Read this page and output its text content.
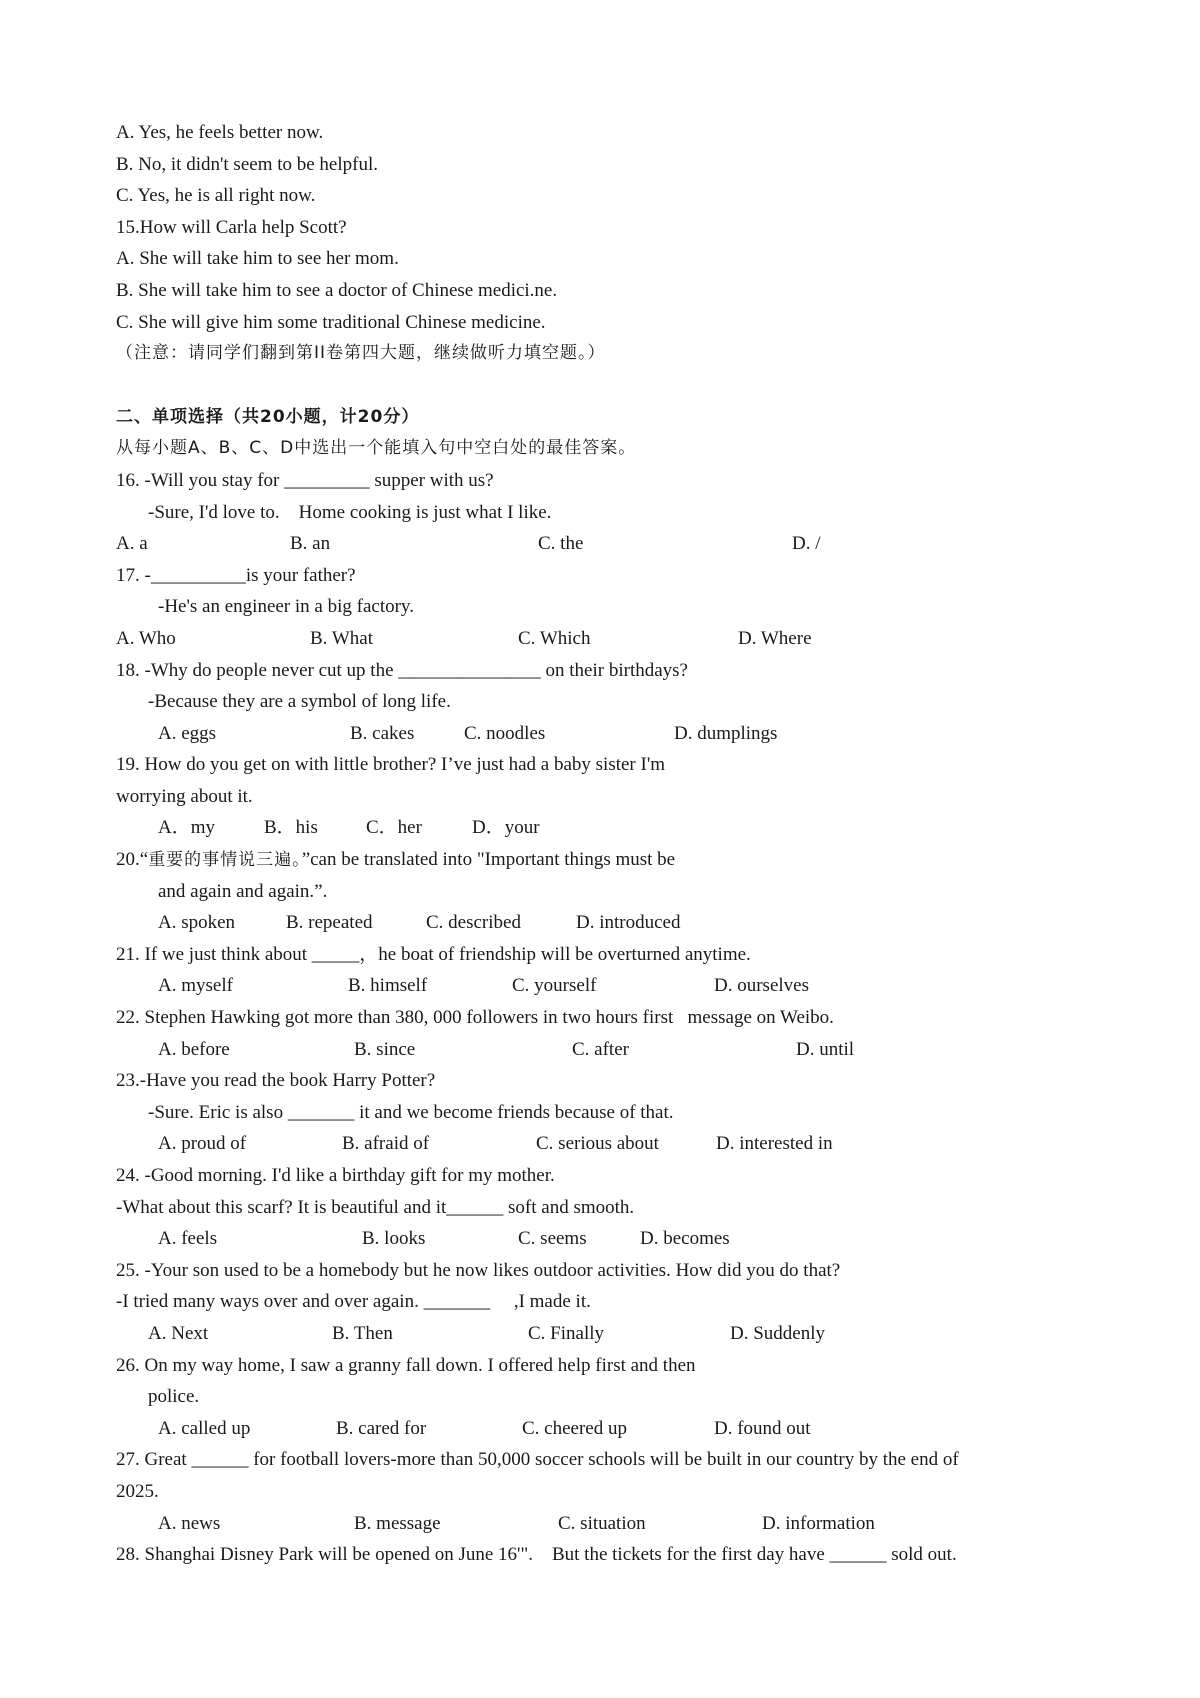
A. Yes, he feels better now.
B. No, it didn't seem to be helpful.
C. Yes, he is all right now.
15.How will Carla help Scott?
A. She will take him to see her mom.
B. She will take him to see a doctor of Chinese medici.ne.
C. She will give him some traditional Chinese medicine.
（注意：请同学们翻到第II卷第四大题，继续做听力填空题。）
二、单项选择（共20小题，计20分）
从每小题A、B、C、D中选出一个能填入句中空白处的最佳答案。
16. -Will you stay for _________ supper with us?
-Sure, I'd love to.    Home cooking is just what I like.

A. a

	B. an

	C. the

	D. /

17. -__________is your father?
-He's an engineer in a big factory.

A. Who

	B. What

	C. Which

	D. Where

18. -Why do people never cut up the _______________ on their birthdays?
-Because they are a symbol of long life.

A. eggs

	B. cakes

	C. noodles

	D. dumplings

19. How do you get on with little brother? I’ve just had a baby sister I'm
worrying about it.

A．my

	B．his

	C．her

	D．your

20.“重要的事情说三遍。”can be translated into "Important things must be
and again and again.”.

A. spoken

	B. repeated

	C. described

	D. introduced

21. If we just think about _____，he boat of friendship will be overturned anytime.

A. myself

	B. himself

	C. yourself

	D. ourselves

22. Stephen Hawking got more than 380, 000 followers in two hours first   message on Weibo.

A. before

	B. since

	C. after

	D. until

23.-Have you read the book Harry Potter?
-Sure. Eric is also _______ it and we become friends because of that.

A. proud of

	B. afraid of

	C. serious about

	D. interested in

24. -Good morning. I'd like a birthday gift for my mother.
-What about this scarf? It is beautiful and it______ soft and smooth.

A. feels

	B. looks

	C. seems

	D. becomes

25. -Your son used to be a homebody but he now likes outdoor activities. How did you do that?
-I tried many ways over and over again. _______     ,I made it.

A. Next

	B. Then

	C. Finally

	D. Suddenly

26. On my way home, I saw a granny fall down. I offered help first and then
police.

A. called up

	B. cared for

	C. cheered up

	D. found out

27. Great ______ for football lovers-more than 50,000 soccer schools will be built in our country by the end of
2025.

A. news

	B. message

	C. situation

	D. information

28. Shanghai Disney Park will be opened on June 16'".    But the tickets for the first day have ______ sold out.
